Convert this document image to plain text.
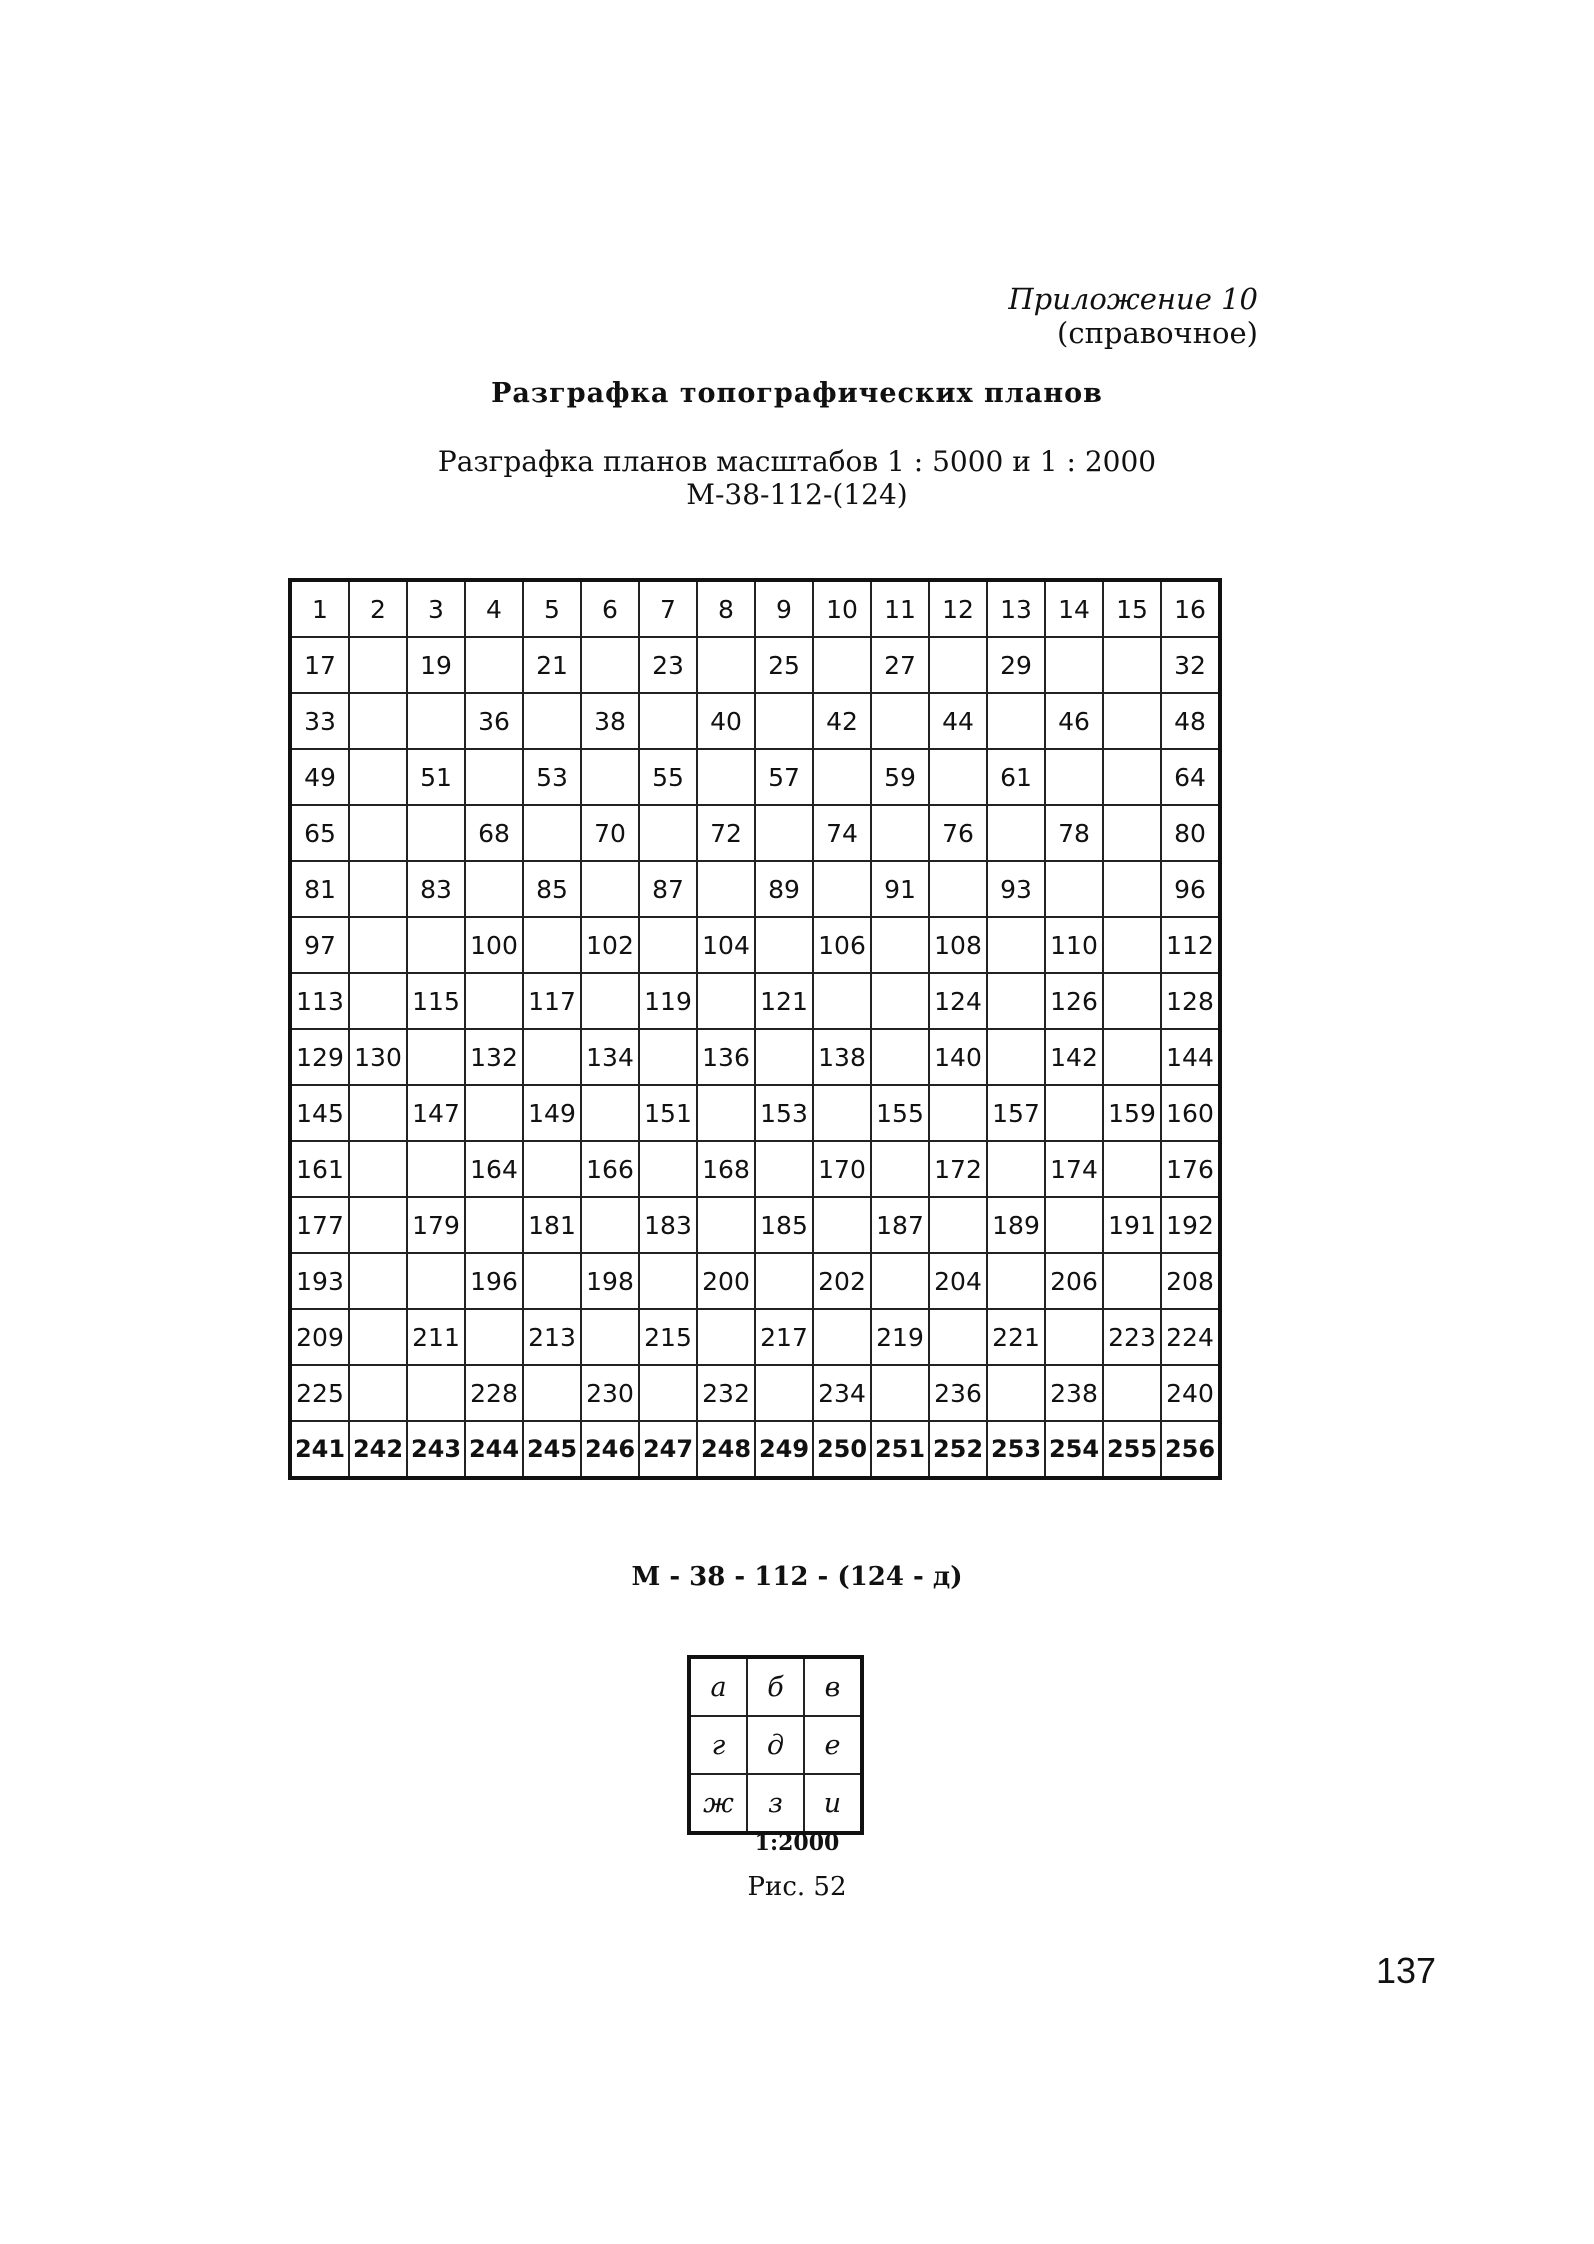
Приложение 10
(справочное)
Разграфка топографических планов
Разграфка планов масштабов 1 : 5000 и 1 : 2000
М-38-112-(124)
1	2	3	4	5	6	7	8	9	10	11	12	13	14	15	16
17		19		21		23		25		27		29			32
33			36		38		40		42		44		46		48
49		51		53		55		57		59		61			64
65			68		70		72		74		76		78		80
81		83		85		87		89		91		93			96
97			100		102		104		106		108		110		112
113		115		117		119		121			124		126		128
129	130		132		134		136		138		140		142		144
145		147		149		151		153		155		157		159	160
161			164		166		168		170		172		174		176
177		179		181		183		185		187		189		191	192
193			196		198		200		202		204		206		208
209		211		213		215		217		219		221		223	224
225			228		230		232		234		236		238		240
241	242	243	244	245	246	247	248	249	250	251	252	253	254	255	256
М - 38 - 112 - (124 - д)
а	б	в
г	д	е
ж	з	и
1:2000
Рис. 52
137
